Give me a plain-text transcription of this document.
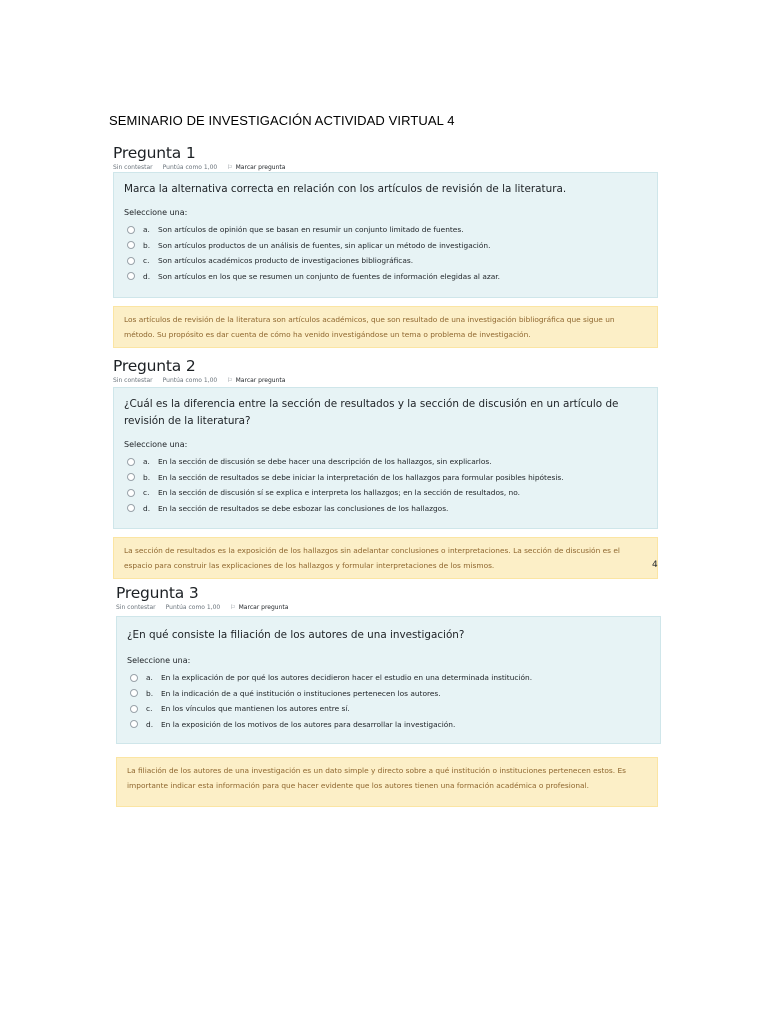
SEMINARIO DE INVESTIGACIÓN ACTIVIDAD VIRTUAL 4
Pregunta 1
Sin contestar Puntúa como 1,00 ⚐ Marcar pregunta
Marca la alternativa correcta en relación con los artículos de revisión de la literatura.
Seleccione una:
a.	Son artículos de opinión que se basan en resumir un conjunto limitado de fuentes.
b.	Son artículos productos de un análisis de fuentes, sin aplicar un método de investigación.
c.	Son artículos académicos producto de investigaciones bibliográficas.
d.	Son artículos en los que se resumen un conjunto de fuentes de información elegidas al azar.
Los artículos de revisión de la literatura son artículos académicos, que son resultado de una investigación bibliográfica que sigue un método. Su propósito es dar cuenta de cómo ha venido investigándose un tema o problema de investigación.
Pregunta 2
Sin contestar Puntúa como 1,00 ⚐ Marcar pregunta
¿Cuál es la diferencia entre la sección de resultados y la sección de discusión en un artículo de revisión de la literatura?
Seleccione una:
a.	En la sección de discusión se debe hacer una descripción de los hallazgos, sin explicarlos.
b.	En la sección de resultados se debe iniciar la interpretación de los hallazgos para formular posibles hipótesis.
c.	En la sección de discusión sí se explica e interpreta los hallazgos; en la sección de resultados, no.
d.	En la sección de resultados se debe esbozar las conclusiones de los hallazgos.
La sección de resultados es la exposición de los hallazgos sin adelantar conclusiones o interpretaciones. La sección de discusión es el espacio para construir las explicaciones de los hallazgos y formular interpretaciones de los mismos.
Pregunta 3
Sin contestar Puntúa como 1,00 ⚐ Marcar pregunta
¿En qué consiste la filiación de los autores de una investigación?
Seleccione una:
a.	En la explicación de por qué los autores decidieron hacer el estudio en una determinada institución.
b.	En la indicación de a qué institución o instituciones pertenecen los autores.
c.	En los vínculos que mantienen los autores entre sí.
d.	En la exposición de los motivos de los autores para desarrollar la investigación.
La filiación de los autores de una investigación es un dato simple y directo sobre a qué institución o instituciones pertenecen estos. Es importante indicar esta información para que hacer evidente que los autores tienen una formación académica o profesional.
4
